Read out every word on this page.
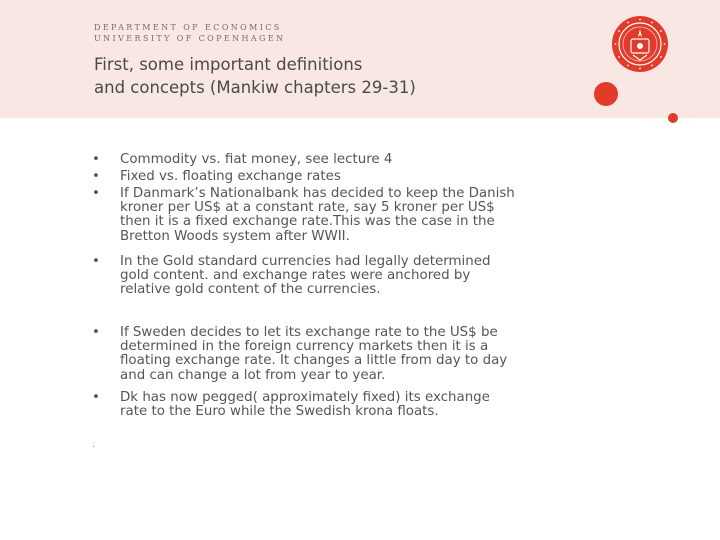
DEPARTMENT OF ECONOMICS
UNIVERSITY OF COPENHAGEN
First, some important definitions
and concepts (Mankiw chapters 29-31)
•	Commodity vs. fiat money, see lecture 4
•	Fixed vs. floating exchange rates
•	If Danmark’s Nationalbank has decided to keep the Danish
kroner per US$ at a constant rate, say 5 kroner per US$
then it is a fixed exchange rate.This was the case in the
Bretton Woods system after WWII.
•	In the Gold standard currencies had legally determined
gold content. and exchange rates were anchored by
relative gold content of the currencies.
•	If Sweden decides to let its exchange rate to the US$ be
determined in the foreign currency markets then it is a
floating exchange rate. It changes a little from day to day
and can change a lot from year to year.
•	Dk has now pegged( approximately fixed) its exchange
rate to the Euro while the Swedish krona floats.
.
